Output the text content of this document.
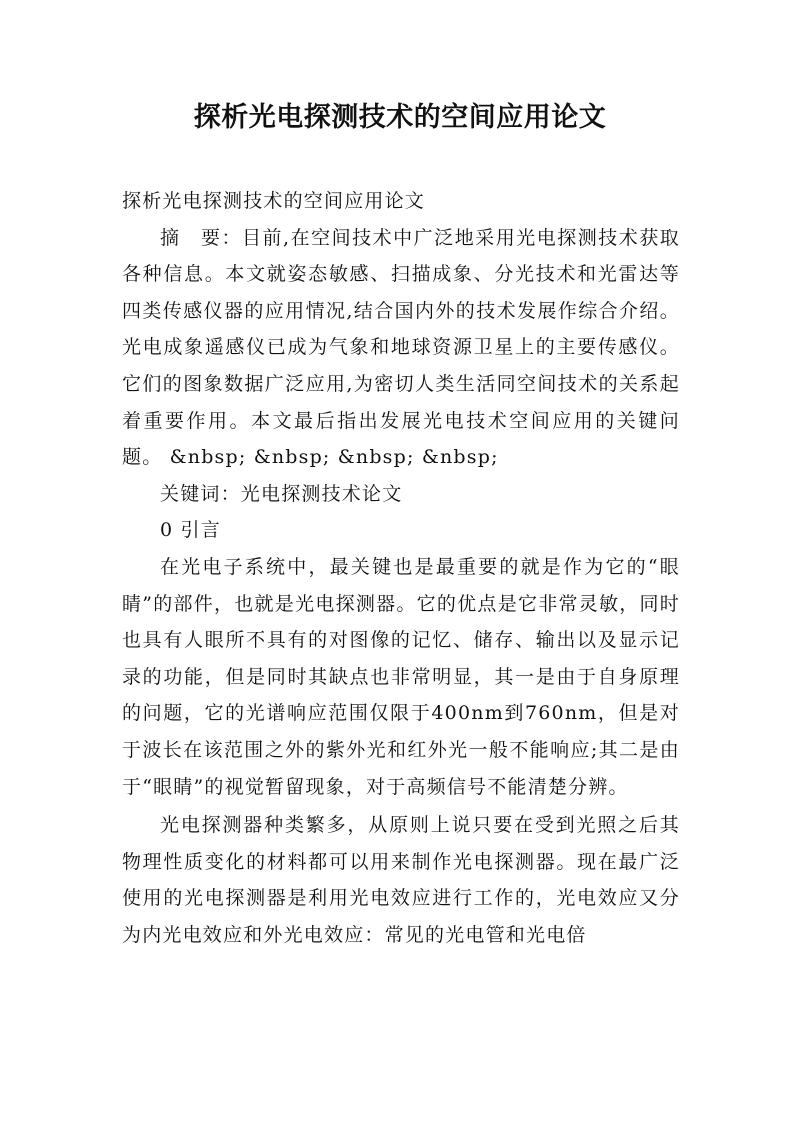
探析光电探测技术的空间应用论文

探析光电探测技术的空间应用论文

摘　要：目前,在空间技术中广泛地采用光电探测技术获取各种信息。本文就姿态敏感、扫描成象、分光技术和光雷达等四类传感仪器的应用情况,结合国内外的技术发展作综合介绍。光电成象遥感仪已成为气象和地球资源卫星上的主要传感仪。它们的图象数据广泛应用,为密切人类生活同空间技术的关系起着重要作用。本文最后指出发展光电技术空间应用的关键问题。 &nbsp; &nbsp; &nbsp; &nbsp;

关键词：光电探测技术论文

0 引言

在光电子系统中，最关键也是最重要的就是作为它的“眼睛”的部件，也就是光电探测器。它的优点是它非常灵敏，同时也具有人眼所不具有的对图像的记忆、储存、输出以及显示记录的功能，但是同时其缺点也非常明显，其一是由于自身原理的问题，它的光谱响应范围仅限于400nm到760nm，但是对于波长在该范围之外的紫外光和红外光一般不能响应;其二是由于“眼睛”的视觉暂留现象，对于高频信号不能清楚分辨。

光电探测器种类繁多，从原则上说只要在受到光照之后其物理性质变化的材料都可以用来制作光电探测器。现在最广泛使用的光电探测器是利用光电效应进行工作的，光电效应又分为内光电效应和外光电效应：常见的光电管和光电倍
